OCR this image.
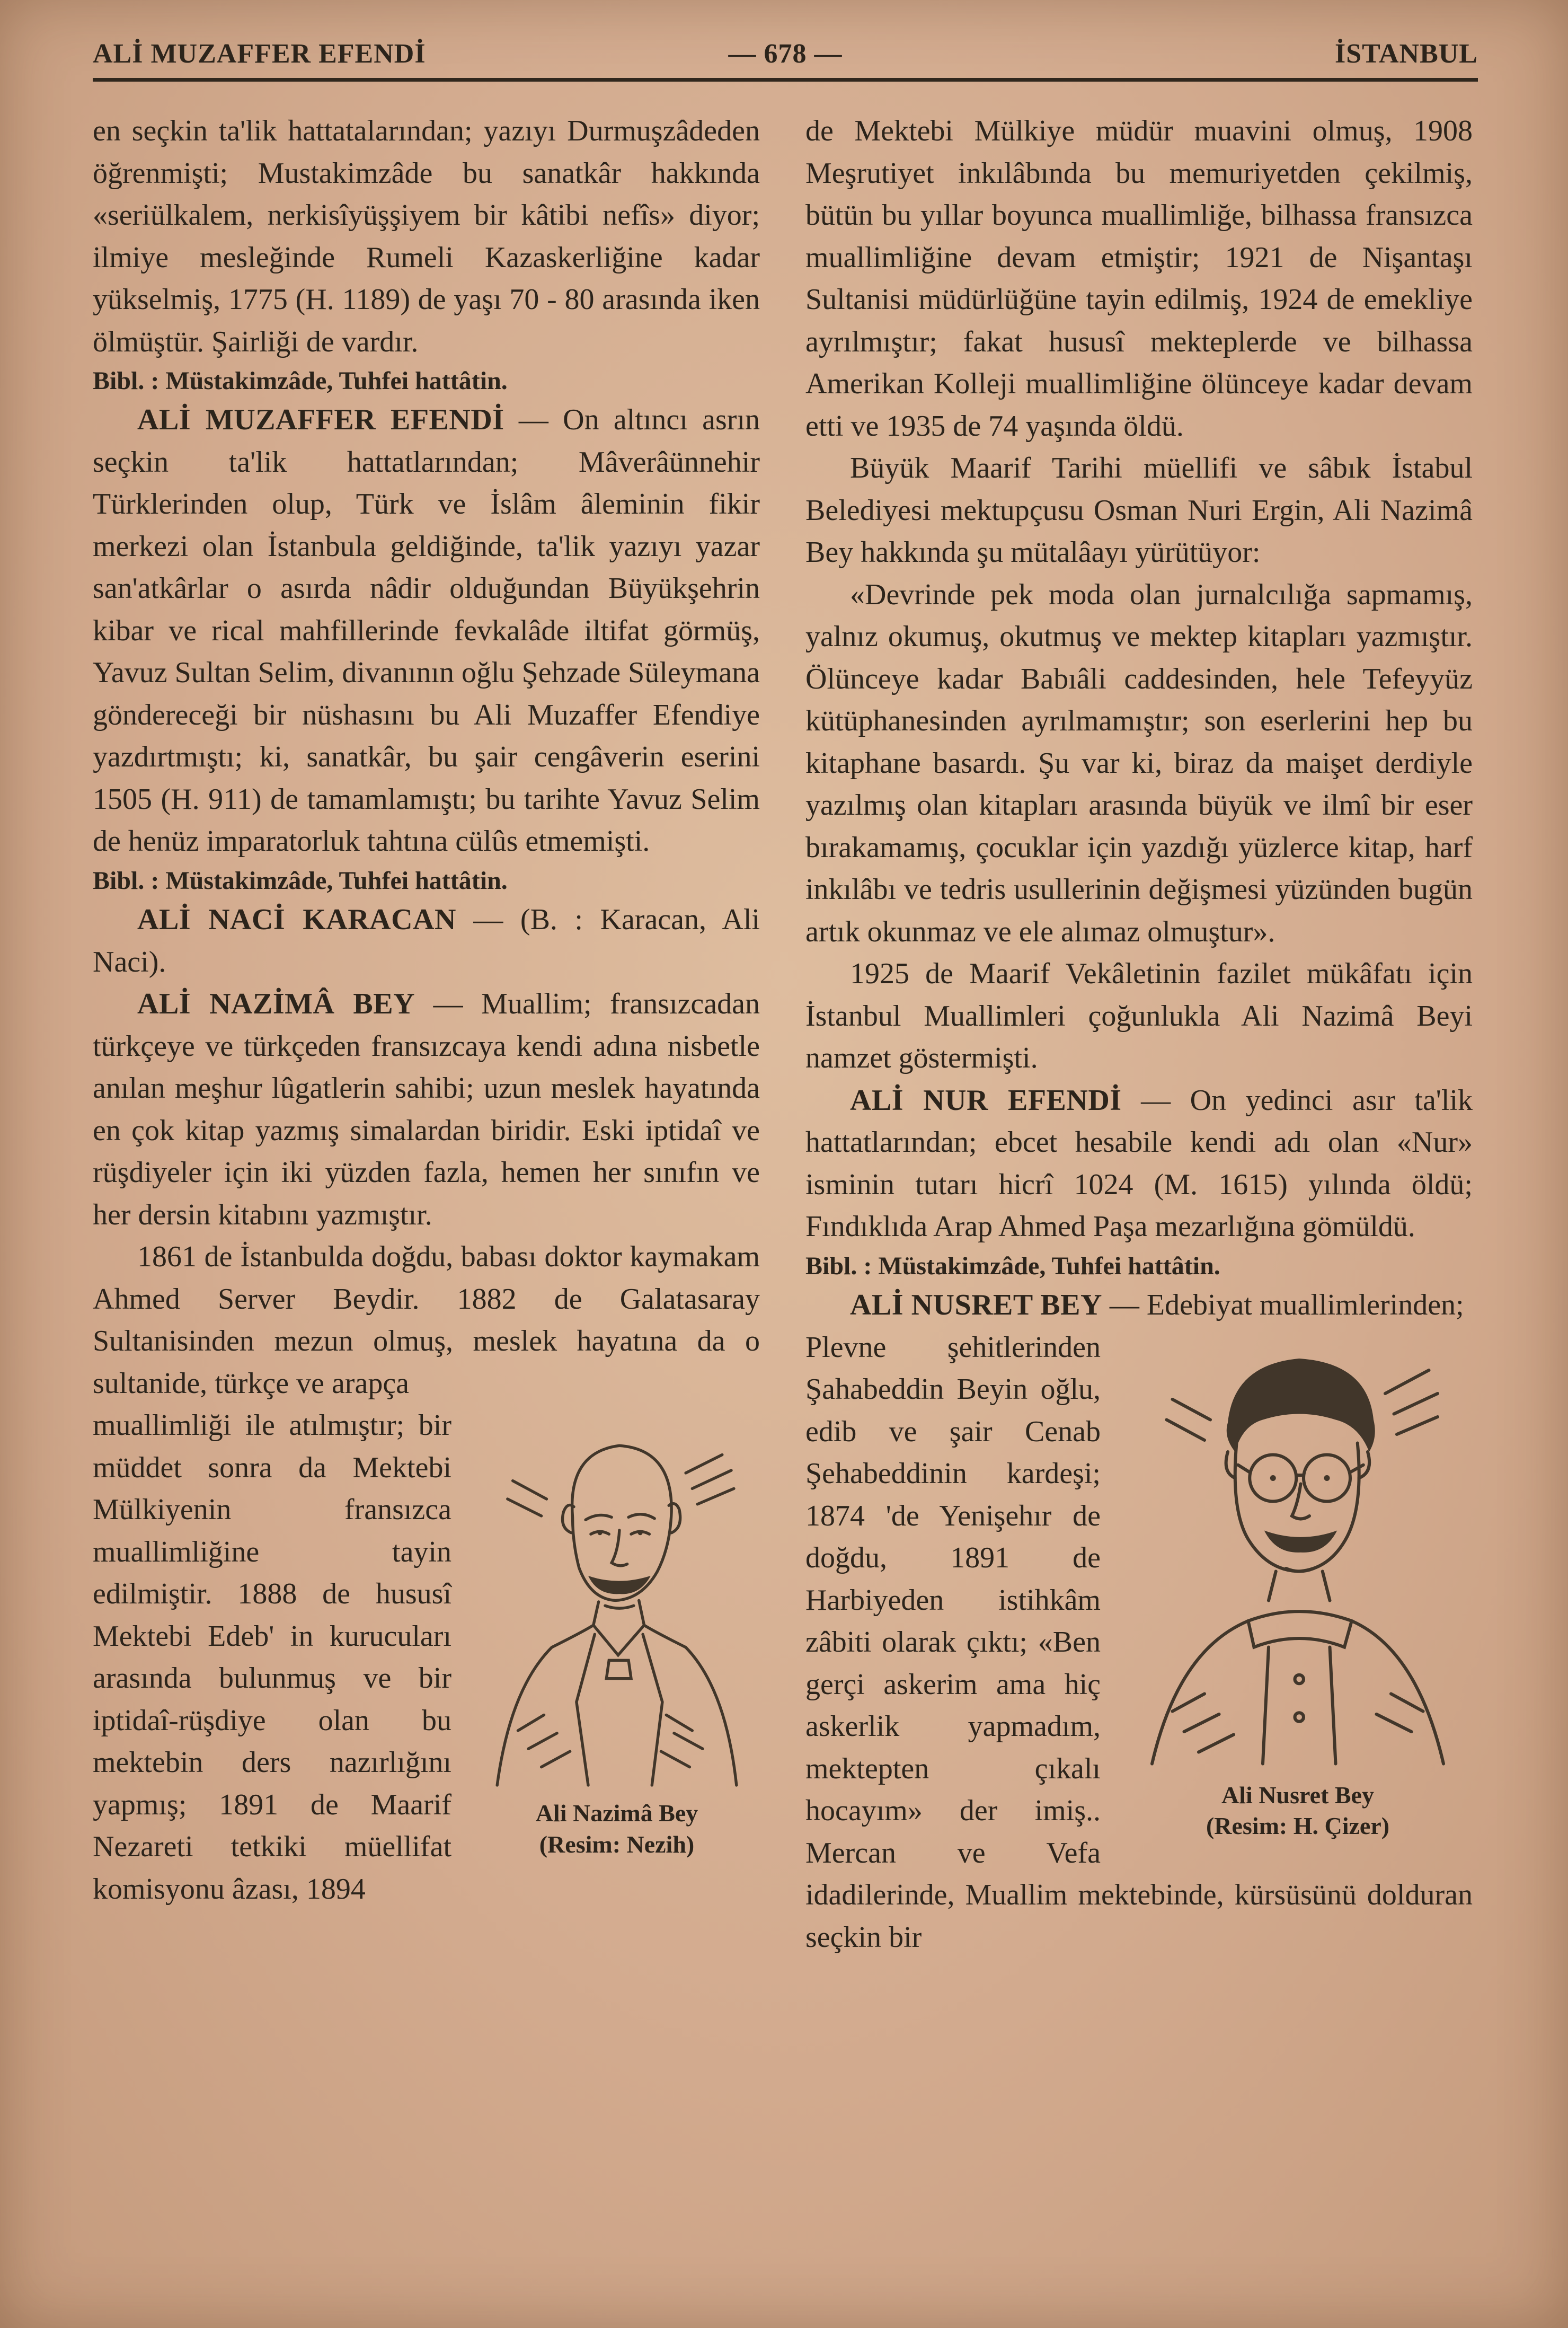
ALİ MUZAFFER EFENDİ	— 678 —	İSTANBUL

en seçkin ta'lik hattatalarından; yazıyı Durmuşzâdeden öğrenmişti; Mustakimzâde bu sanatkâr hakkında «seriülkalem, nerkisîyüşşiyem bir kâtibi nefîs» diyor; ilmiye mesleğinde Rumeli Kazaskerliğine kadar yükselmiş, 1775 (H. 1189) de yaşı 70 - 80 arasında iken ölmüştür. Şairliği de vardır.

Bibl. : Müstakimzâde, Tuhfei hattâtin.

ALİ MUZAFFER EFENDİ — On altıncı asrın seçkin ta'lik hattatlarından; Mâverâünnehir Türklerinden olup, Türk ve İslâm âleminin fikir merkezi olan İstanbula geldiğinde, ta'lik yazıyı yazar san'atkârlar o asırda nâdir olduğundan Büyükşehrin kibar ve rical mahfillerinde fevkalâde iltifat görmüş, Yavuz Sultan Selim, divanının oğlu Şehzade Süleymana göndereceği bir nüshasını bu Ali Muzaffer Efendiye yazdırtmıştı; ki, sanatkâr, bu şair cengâverin eserini 1505 (H. 911) de tamamlamıştı; bu tarihte Yavuz Selim de henüz imparatorluk tahtına cülûs etmemişti.

Bibl. : Müstakimzâde, Tuhfei hattâtin.

ALİ NACİ KARACAN — (B. : Karacan, Ali Naci).

ALİ NAZİMÂ BEY — Muallim; fransızcadan türkçeye ve türkçeden fransızcaya kendi adına nisbetle anılan meşhur lûgatlerin sahibi; uzun meslek hayatında en çok kitap yazmış simalardan biridir. Eski iptidaî ve rüşdiyeler için iki yüzden fazla, hemen her sınıfın ve her dersin kitabını yazmıştır.

1861 de İstanbulda doğdu, babası doktor kaymakam Ahmed Server Beydir. 1882 de Galatasaray Sultanisinden mezun olmuş, meslek hayatına da o sultanide, türkçe ve arapça

Ali Nazimâ Bey
(Resim: Nezih)

muallimliği ile atılmıştır; bir müddet sonra da Mektebi Mülkiyenin fransızca muallimliğine tayin edilmiştir. 1888 de hususî Mektebi Edeb' in kurucuları arasında bulunmuş ve bir iptidaî-rüşdiye olan bu mektebin ders nazırlığını yapmış; 1891 de Maarif Nezareti tetkiki müellifat komisyonu âzası, 1894

de Mektebi Mülkiye müdür muavini olmuş, 1908 Meşrutiyet inkılâbında bu memuriyetden çekilmiş, bütün bu yıllar boyunca muallimliğe, bilhassa fransızca muallimliğine devam etmiştir; 1921 de Nişantaşı Sultanisi müdürlüğüne tayin edilmiş, 1924 de emekliye ayrılmıştır; fakat hususî mekteplerde ve bilhassa Amerikan Kolleji muallimliğine ölünceye kadar devam etti ve 1935 de 74 yaşında öldü.

Büyük Maarif Tarihi müellifi ve sâbık İstabul Belediyesi mektupçusu Osman Nuri Ergin, Ali Nazimâ Bey hakkında şu mütalâayı yürütüyor:

«Devrinde pek moda olan jurnalcılığa sapmamış, yalnız okumuş, okutmuş ve mektep kitapları yazmıştır. Ölünceye kadar Babıâli caddesinden, hele Tefeyyüz kütüphanesinden ayrılmamıştır; son eserlerini hep bu kitaphane basardı. Şu var ki, biraz da maişet derdiyle yazılmış olan kitapları arasında büyük ve ilmî bir eser bırakamamış, çocuklar için yazdığı yüzlerce kitap, harf inkılâbı ve tedris usullerinin değişmesi yüzünden bugün artık okunmaz ve ele alımaz olmuştur».

1925 de Maarif Vekâletinin fazilet mükâfatı için İstanbul Muallimleri çoğunlukla Ali Nazimâ Beyi namzet göstermişti.

ALİ NUR EFENDİ — On yedinci asır ta'lik hattatlarından; ebcet hesabile kendi adı olan «Nur» isminin tutarı hicrî 1024 (M. 1615) yılında öldü; Fındıklıda Arap Ahmed Paşa mezarlığına gömüldü.

Bibl. : Müstakimzâde, Tuhfei hattâtin.

ALİ NUSRET BEY — Edebiyat muallimlerinden;

Ali Nusret Bey
(Resim: H. Çizer)

Plevne şehitlerinden Şahabeddin Beyin oğlu, edib ve şair Cenab Şehabeddinin kardeşi; 1874 'de Yenişehır de doğdu, 1891 de Harbiyeden istihkâm zâbiti olarak çıktı; «Ben gerçi askerim ama hiç askerlik yapmadım, mektepten çıkalı hocayım» der imiş.. Mercan ve Vefa idadilerinde, Muallim mektebinde, kürsüsünü dolduran seçkin bir
